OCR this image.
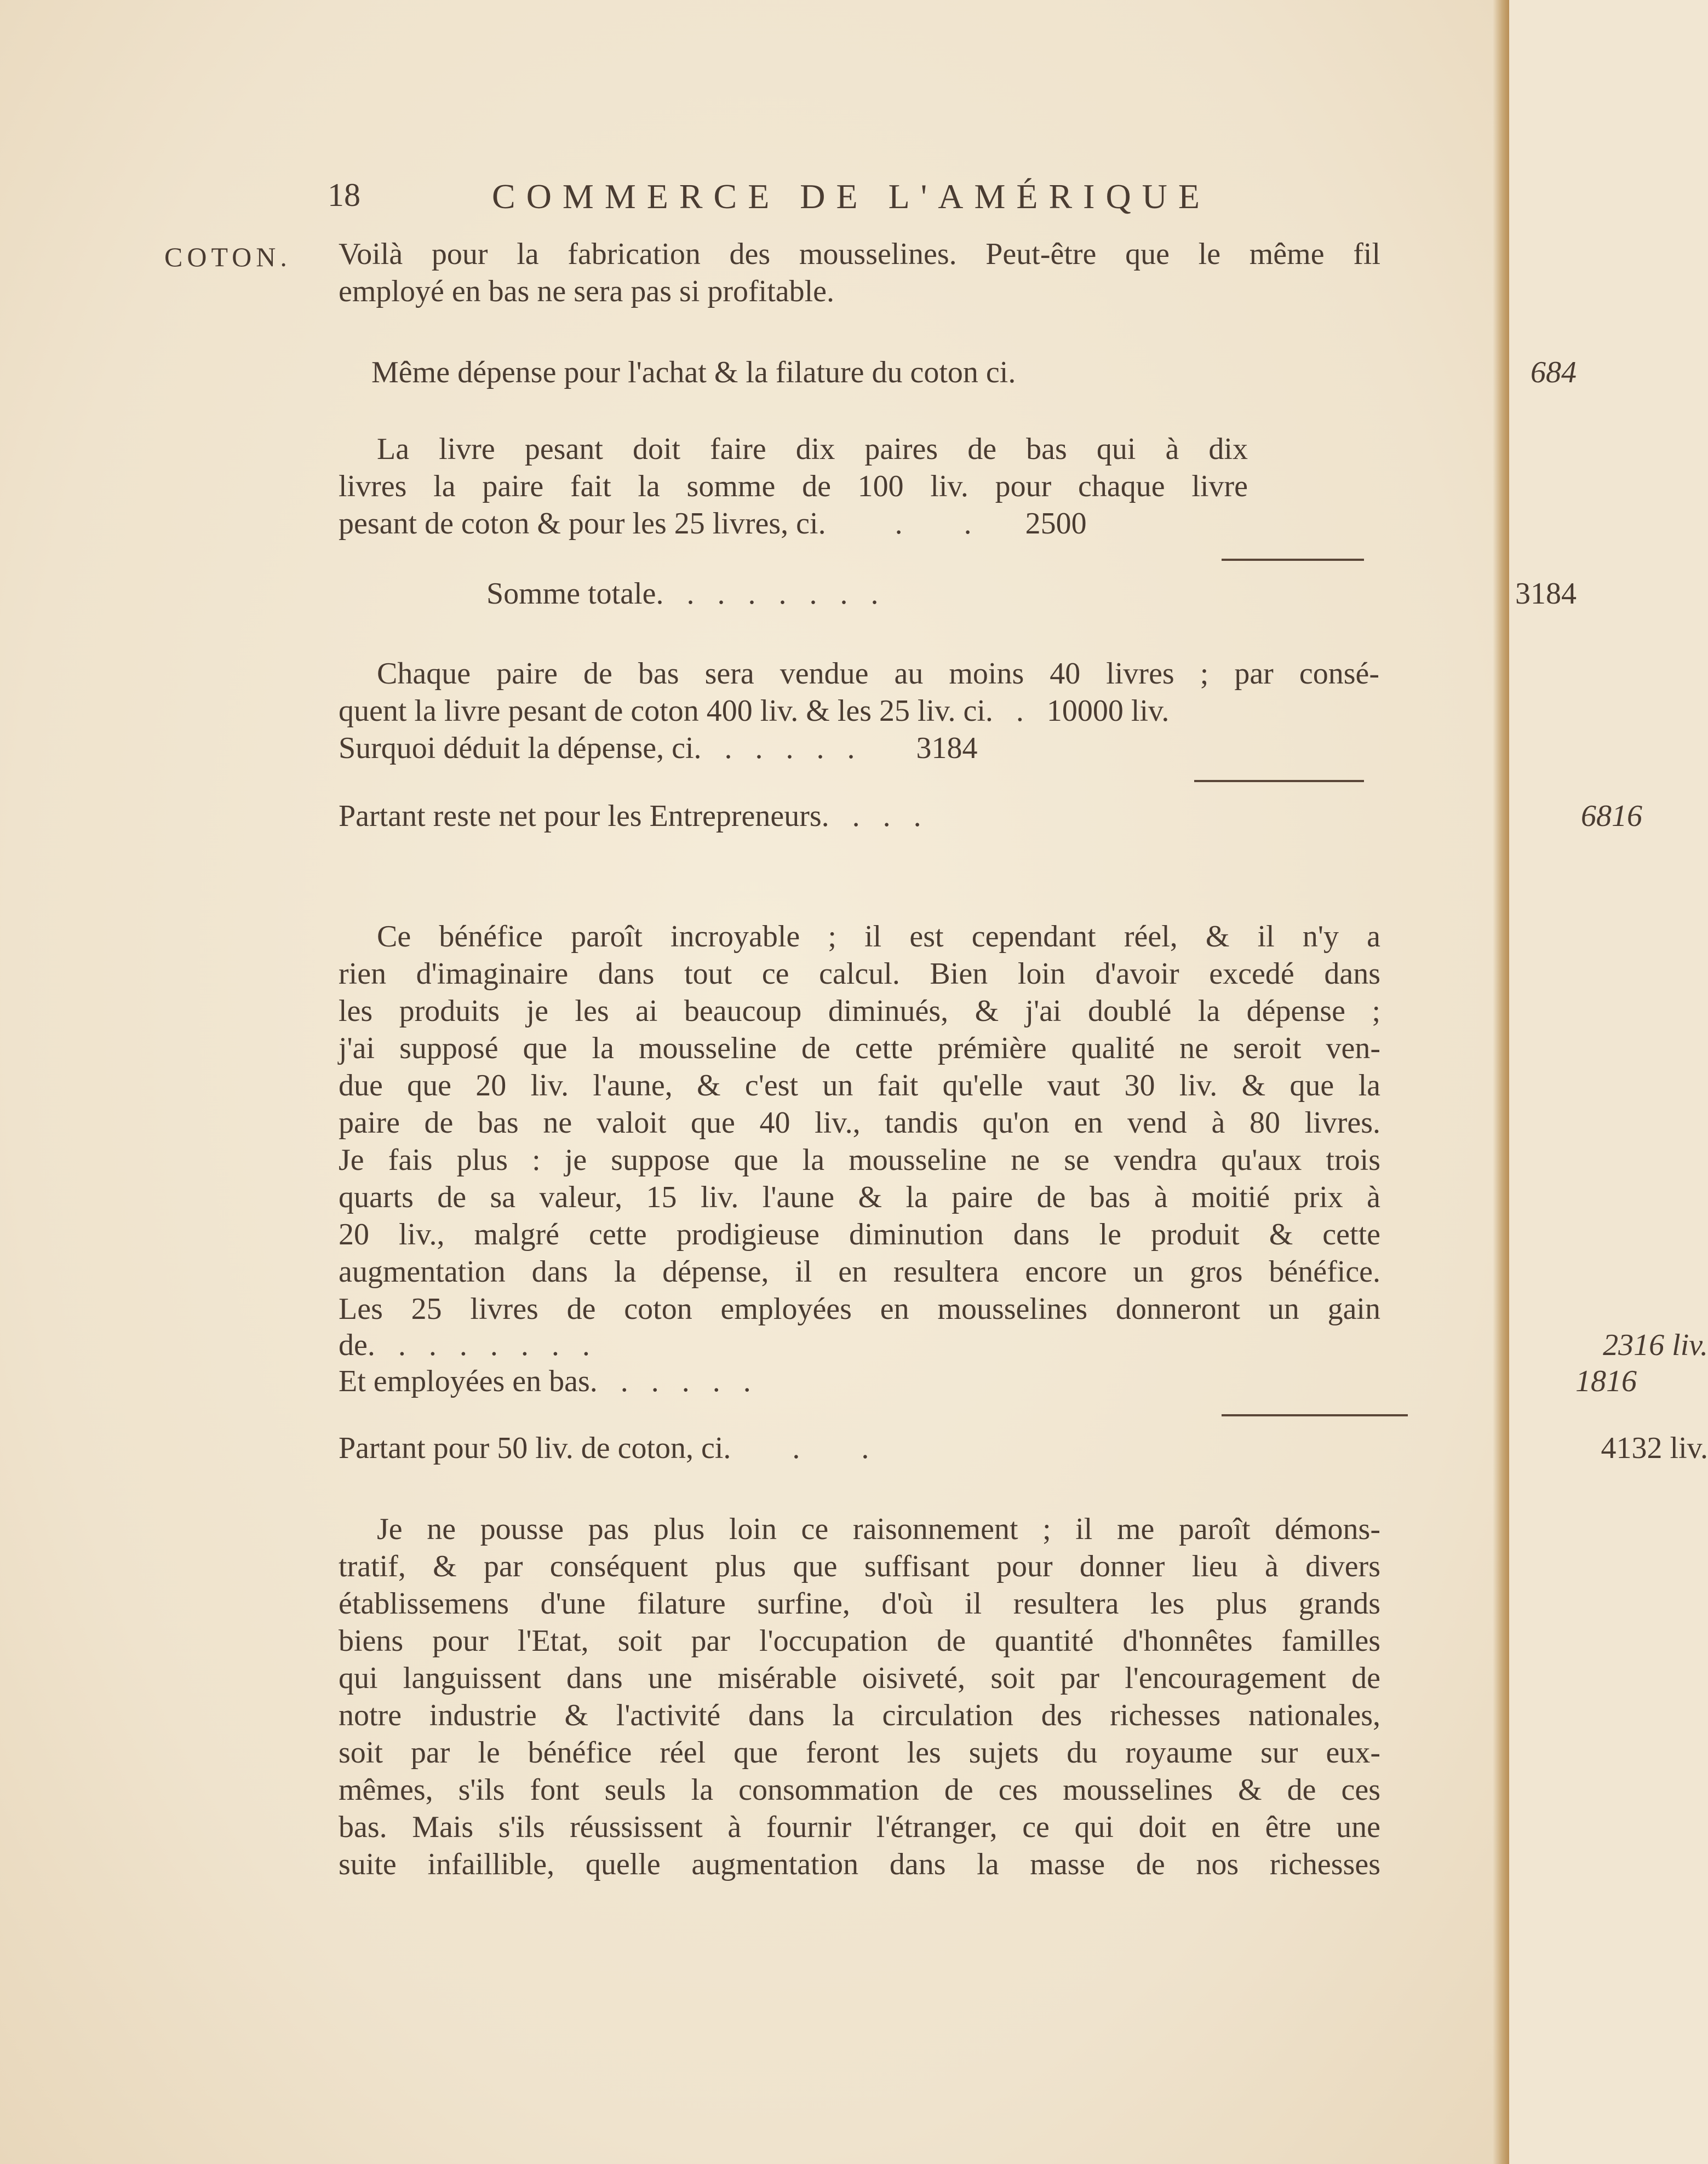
18	COMMERCE DE L'AMÉRIQUE
COTON. Voilà pour la fabrication des mousselines. Peut-être que le même fil

employé en bas ne sera pas si profitable.

Même dépense pour l'achat & la filature du coton ci.	684

La livre pesant doit faire dix paires de bas qui à dix

livres la paire fait la somme de 100 liv. pour chaque livre

pesant de coton & pour les 25 livres, ci.         .        .       2500

Somme totale.   .   .   .   .   .   .   .	3184

Chaque paire de bas sera vendue au moins 40 livres ; par consé-

quent la livre pesant de coton 400 liv. & les 25 liv. ci.   .   10000 liv.

Surquoi déduit la dépense, ci.   .   .   .   .   .        3184

Partant reste net pour les Entrepreneurs.   .   .   .	6816

Ce bénéfice paroît incroyable ; il est cependant réel, & il n'y a

rien d'imaginaire dans tout ce calcul. Bien loin d'avoir excedé dans

les produits je les ai beaucoup diminués, & j'ai doublé la dépense ;

j'ai supposé que la mousseline de cette prémière qualité ne seroit ven-

due que 20 liv. l'aune, & c'est un fait qu'elle vaut 30 liv. & que la

paire de bas ne valoit que 40 liv., tandis qu'on en vend à 80 livres.

Je fais plus : je suppose que la mousseline ne se vendra qu'aux trois

quarts de sa valeur, 15 liv. l'aune & la paire de bas à moitié prix à

20 liv., malgré cette prodigieuse diminution dans le produit & cette

augmentation dans la dépense, il en resultera encore un gros bénéfice.

Les 25 livres de coton employées en mousselines donneront un gain

de.   .   .   .   .   .   .   .	2316 liv.
Et employées en bas.   .   .   .   .   .	1816
Partant pour 50 liv. de coton, ci.        .        .	4132 liv.

Je ne pousse pas plus loin ce raisonnement ; il me paroît démons-

tratif, & par conséquent plus que suffisant pour donner lieu à divers

établissemens d'une filature surfine, d'où il resultera les plus grands

biens pour l'Etat, soit par l'occupation de quantité d'honnêtes familles

qui languissent dans une misérable oisiveté, soit par l'encouragement de

notre industrie & l'activité dans la circulation des richesses nationales,

soit par le bénéfice réel que feront les sujets du royaume sur eux-

mêmes, s'ils font seuls la consommation de ces mousselines & de ces

bas. Mais s'ils réussissent à fournir l'étranger, ce qui doit en être une

suite infaillible, quelle augmentation dans la masse de nos richesses
